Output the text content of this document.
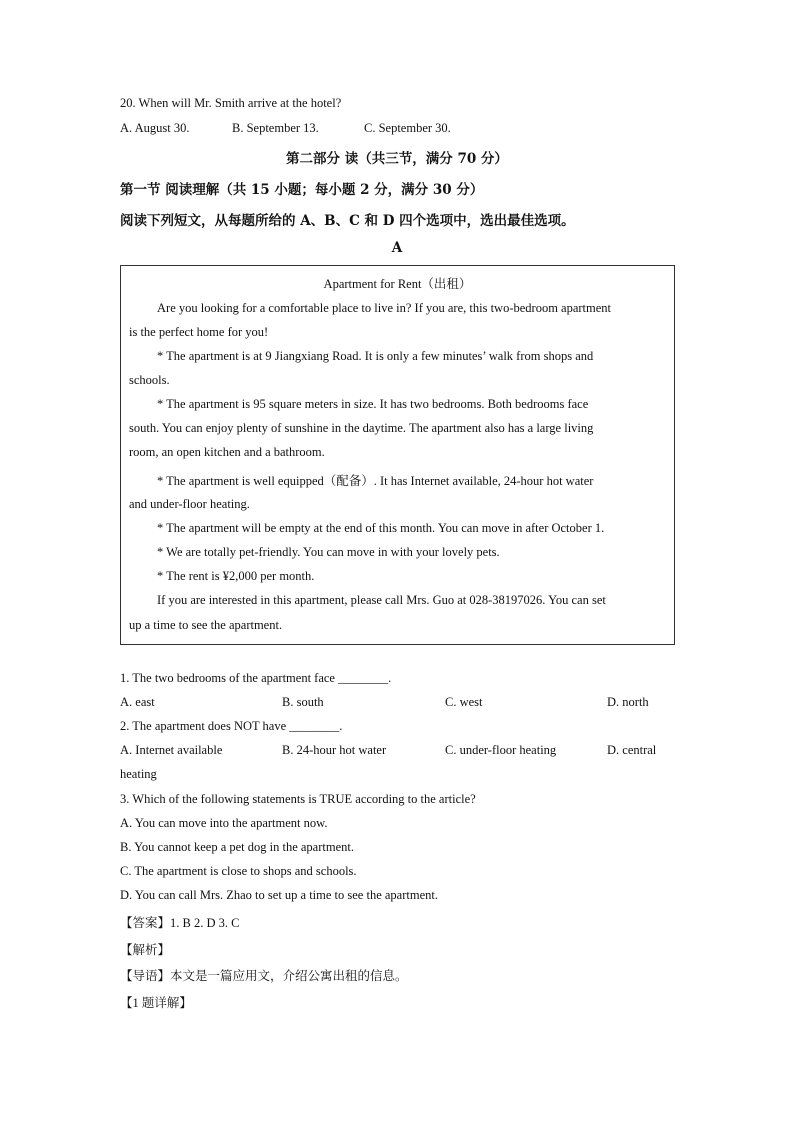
20. When will Mr. Smith arrive at the hotel?
A. August 30.	B. September 13.	C. September 30.
第二部分 读（共三节，满分 70 分）
第一节 阅读理解（共 15 小题；每小题 2 分，满分 30 分）
阅读下列短文，从每题所给的 A、B、C 和 D 四个选项中，选出最佳选项。
A
Apartment for Rent（出租）
Are you looking for a comfortable place to live in? If you are, this two-bedroom apartment
is the perfect home for you!
* The apartment is at 9 Jiangxiang Road. It is only a few minutes’ walk from shops and
schools.
* The apartment is 95 square meters in size. It has two bedrooms. Both bedrooms face
south. You can enjoy plenty of sunshine in the daytime. The apartment also has a large living
room, an open kitchen and a bathroom.
* The apartment is well equipped（配备）. It has Internet available, 24-hour hot water
and under-floor heating.
* The apartment will be empty at the end of this month. You can move in after October 1.
* We are totally pet-friendly. You can move in with your lovely pets.
* The rent is ¥2,000 per month.
If you are interested in this apartment, please call Mrs. Guo at 028-38197026. You can set
up a time to see the apartment.
1. The two bedrooms of the apartment face ________.
A. east	B. south	C. west	D. north
2. The apartment does NOT have ________.
A. Internet available	B. 24-hour hot water	C. under-floor heating	D. central
heating
3. Which of the following statements is TRUE according to the article?
A. You can move into the apartment now.
B. You cannot keep a pet dog in the apartment.
C. The apartment is close to shops and schools.
D. You can call Mrs. Zhao to set up a time to see the apartment.
【答案】1. B 2. D 3. C
【解析】
【导语】本文是一篇应用文，介绍公寓出租的信息。
【1 题详解】
